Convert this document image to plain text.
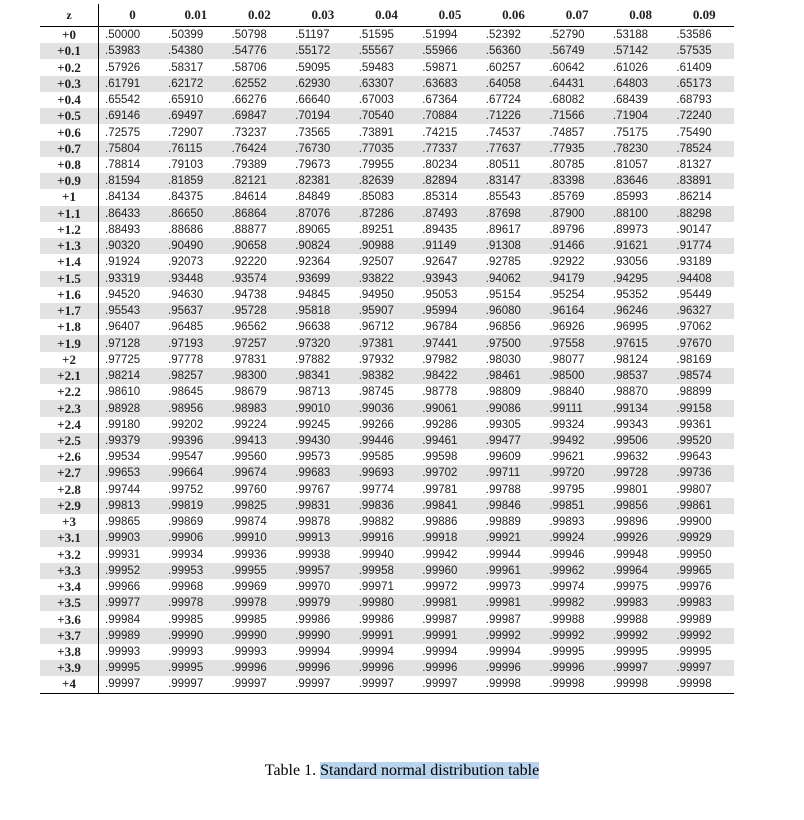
z	0	0.01	0.02	0.03	0.04	0.05	0.06	0.07	0.08	0.09
+0	.50000	.50399	.50798	.51197	.51595	.51994	.52392	.52790	.53188	.53586
+0.1	.53983	.54380	.54776	.55172	.55567	.55966	.56360	.56749	.57142	.57535
+0.2	.57926	.58317	.58706	.59095	.59483	.59871	.60257	.60642	.61026	.61409
+0.3	.61791	.62172	.62552	.62930	.63307	.63683	.64058	.64431	.64803	.65173
+0.4	.65542	.65910	.66276	.66640	.67003	.67364	.67724	.68082	.68439	.68793
+0.5	.69146	.69497	.69847	.70194	.70540	.70884	.71226	.71566	.71904	.72240
+0.6	.72575	.72907	.73237	.73565	.73891	.74215	.74537	.74857	.75175	.75490
+0.7	.75804	.76115	.76424	.76730	.77035	.77337	.77637	.77935	.78230	.78524
+0.8	.78814	.79103	.79389	.79673	.79955	.80234	.80511	.80785	.81057	.81327
+0.9	.81594	.81859	.82121	.82381	.82639	.82894	.83147	.83398	.83646	.83891
+1	.84134	.84375	.84614	.84849	.85083	.85314	.85543	.85769	.85993	.86214
+1.1	.86433	.86650	.86864	.87076	.87286	.87493	.87698	.87900	.88100	.88298
+1.2	.88493	.88686	.88877	.89065	.89251	.89435	.89617	.89796	.89973	.90147
+1.3	.90320	.90490	.90658	.90824	.90988	.91149	.91308	.91466	.91621	.91774
+1.4	.91924	.92073	.92220	.92364	.92507	.92647	.92785	.92922	.93056	.93189
+1.5	.93319	.93448	.93574	.93699	.93822	.93943	.94062	.94179	.94295	.94408
+1.6	.94520	.94630	.94738	.94845	.94950	.95053	.95154	.95254	.95352	.95449
+1.7	.95543	.95637	.95728	.95818	.95907	.95994	.96080	.96164	.96246	.96327
+1.8	.96407	.96485	.96562	.96638	.96712	.96784	.96856	.96926	.96995	.97062
+1.9	.97128	.97193	.97257	.97320	.97381	.97441	.97500	.97558	.97615	.97670
+2	.97725	.97778	.97831	.97882	.97932	.97982	.98030	.98077	.98124	.98169
+2.1	.98214	.98257	.98300	.98341	.98382	.98422	.98461	.98500	.98537	.98574
+2.2	.98610	.98645	.98679	.98713	.98745	.98778	.98809	.98840	.98870	.98899
+2.3	.98928	.98956	.98983	.99010	.99036	.99061	.99086	.99111	.99134	.99158
+2.4	.99180	.99202	.99224	.99245	.99266	.99286	.99305	.99324	.99343	.99361
+2.5	.99379	.99396	.99413	.99430	.99446	.99461	.99477	.99492	.99506	.99520
+2.6	.99534	.99547	.99560	.99573	.99585	.99598	.99609	.99621	.99632	.99643
+2.7	.99653	.99664	.99674	.99683	.99693	.99702	.99711	.99720	.99728	.99736
+2.8	.99744	.99752	.99760	.99767	.99774	.99781	.99788	.99795	.99801	.99807
+2.9	.99813	.99819	.99825	.99831	.99836	.99841	.99846	.99851	.99856	.99861
+3	.99865	.99869	.99874	.99878	.99882	.99886	.99889	.99893	.99896	.99900
+3.1	.99903	.99906	.99910	.99913	.99916	.99918	.99921	.99924	.99926	.99929
+3.2	.99931	.99934	.99936	.99938	.99940	.99942	.99944	.99946	.99948	.99950
+3.3	.99952	.99953	.99955	.99957	.99958	.99960	.99961	.99962	.99964	.99965
+3.4	.99966	.99968	.99969	.99970	.99971	.99972	.99973	.99974	.99975	.99976
+3.5	.99977	.99978	.99978	.99979	.99980	.99981	.99981	.99982	.99983	.99983
+3.6	.99984	.99985	.99985	.99986	.99986	.99987	.99987	.99988	.99988	.99989
+3.7	.99989	.99990	.99990	.99990	.99991	.99991	.99992	.99992	.99992	.99992
+3.8	.99993	.99993	.99993	.99994	.99994	.99994	.99994	.99995	.99995	.99995
+3.9	.99995	.99995	.99996	.99996	.99996	.99996	.99996	.99996	.99997	.99997
+4	.99997	.99997	.99997	.99997	.99997	.99997	.99998	.99998	.99998	.99998
Table 1. Standard normal distribution table
